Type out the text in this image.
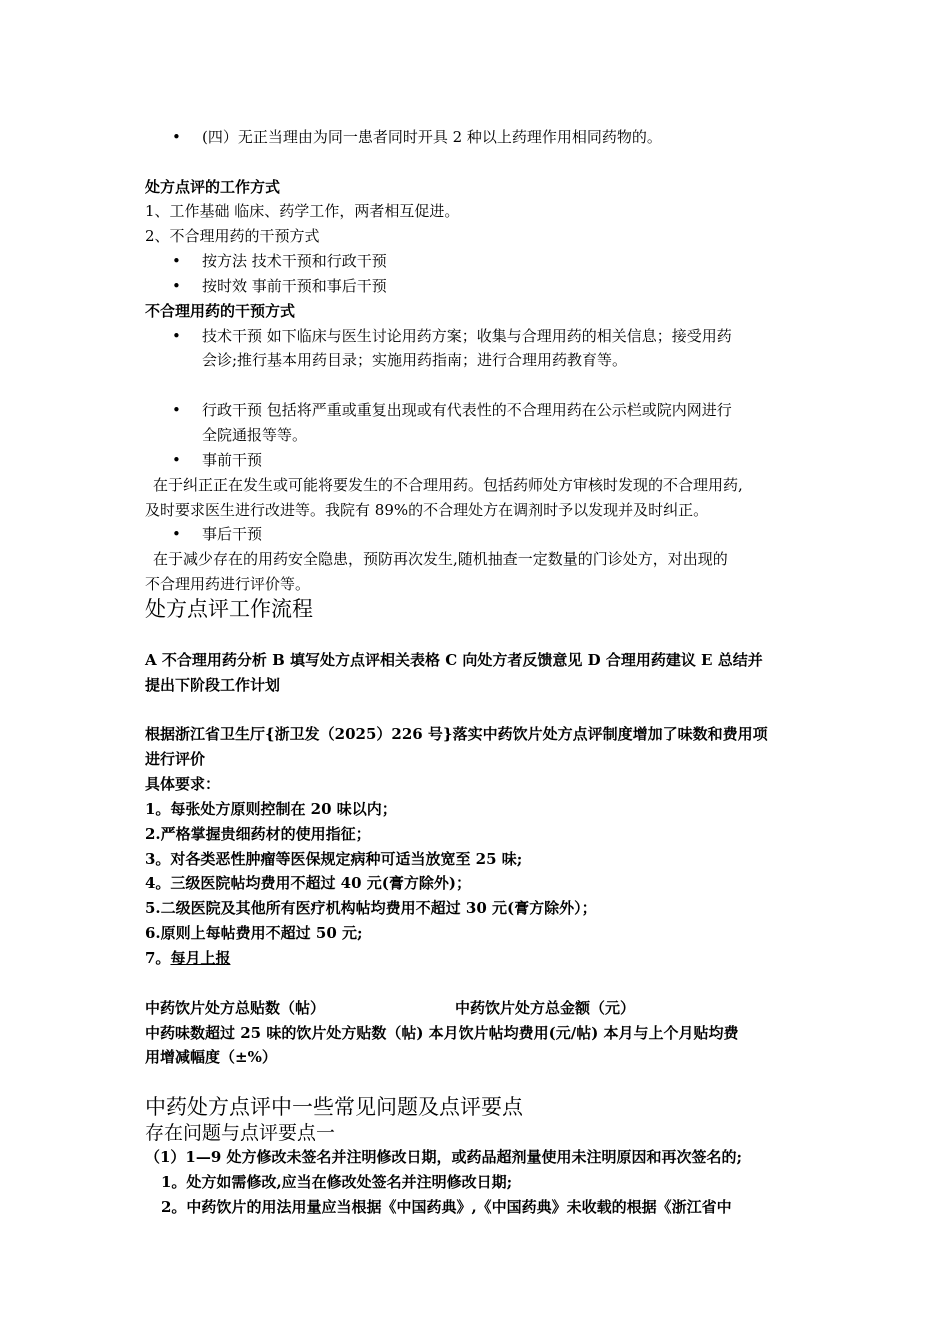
• (四）无正当理由为同一患者同时开具 2 种以上药理作用相同药物的。
处方点评的工作方式
1、工作基础 临床、药学工作，两者相互促进。
2、不合理用药的干预方式
• 按方法 技术干预和行政干预
• 按时效 事前干预和事后干预
不合理用药的干预方式
• 技术干预 如下临床与医生讨论用药方案；收集与合理用药的相关信息；接受用药
会诊;推行基本用药目录；实施用药指南；进行合理用药教育等。
• 行政干预 包括将严重或重复出现或有代表性的不合理用药在公示栏或院内网进行
全院通报等等。
• 事前干预
在于纠正正在发生或可能将要发生的不合理用药。包括药师处方审核时发现的不合理用药,
及时要求医生进行改进等。我院有 89%的不合理处方在调剂时予以发现并及时纠正。
• 事后干预
在于减少存在的用药安全隐患，预防再次发生,随机抽查一定数量的门诊处方，对出现的
不合理用药进行评价等。
处方点评工作流程
A 不合理用药分析 B 填写处方点评相关表格 C 向处方者反馈意见 D 合理用药建议 E 总结并
提出下阶段工作计划
根据浙江省卫生厅{浙卫发（2025）226 号}落实中药饮片处方点评制度增加了味数和费用项
进行评价
具体要求：
1。每张处方原则控制在 20 味以内；
2.严格掌握贵细药材的使用指征；
3。对各类恶性肿瘤等医保规定病种可适当放宽至 25 味;
4。三级医院帖均费用不超过 40 元(膏方除外)；
5.二级医院及其他所有医疗机构帖均费用不超过 30 元(膏方除外）；
6.原则上每帖费用不超过 50 元;
7。每月上报
中药饮片处方总贴数（帖）	中药饮片处方总金额（元）
中药味数超过 25 味的饮片处方贴数（帖) 本月饮片帖均费用(元/帖) 本月与上个月贴均费
用增减幅度（±%）
中药处方点评中一些常见问题及点评要点
存在问题与点评要点一
（1）1—9 处方修改未签名并注明修改日期，或药品超剂量使用未注明原因和再次签名的;
1。处方如需修改,应当在修改处签名并注明修改日期;
2。中药饮片的用法用量应当根据《中国药典》,《中国药典》未收载的根据《浙江省中
